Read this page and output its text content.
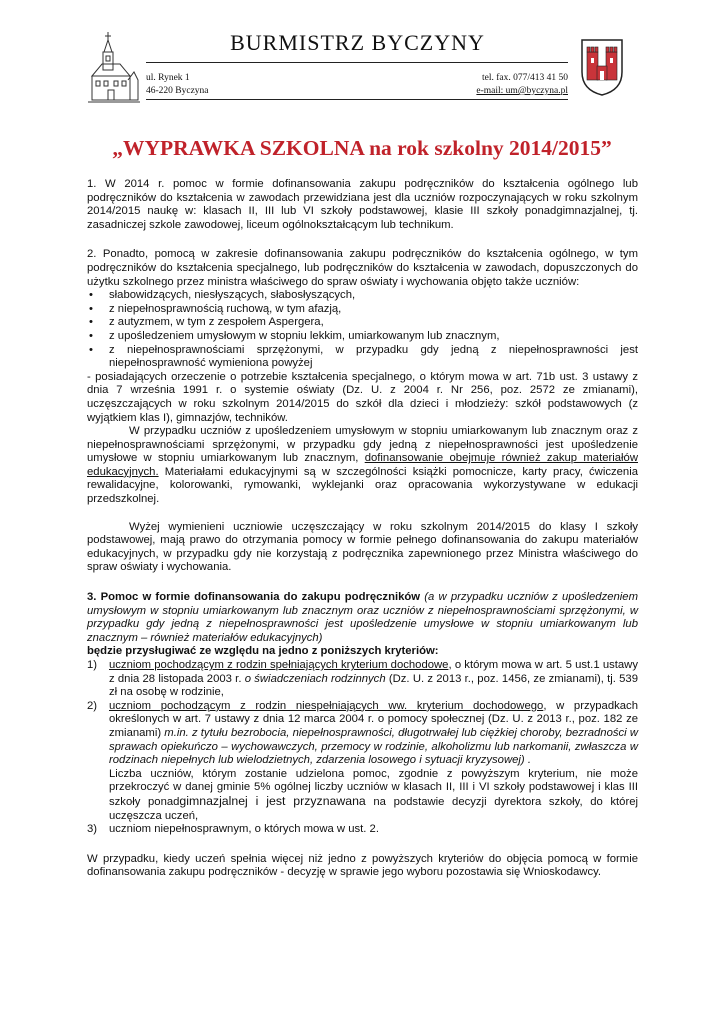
BURMISTRZ BYCZYNY
ul. Rynek 1
46-220 Byczyna
tel. fax. 077/413 41 50
e-mail: um@byczyna.pl
„WYPRAWKA SZKOLNA na rok szkolny 2014/2015”

1. W 2014 r. pomoc w formie dofinansowania zakupu podręczników do kształcenia ogólnego lub podręczników do kształcenia w zawodach przewidziana jest dla uczniów rozpoczynających w roku szkolnym 2014/2015 naukę w: klasach II, III lub VI szkoły podstawowej, klasie III szkoły ponadgimnazjalnej, tj. zasadniczej szkole zawodowej, liceum ogólnokształcącym lub technikum.

2. Ponadto, pomocą w zakresie dofinansowania zakupu podręczników do kształcenia ogólnego, w tym podręczników do kształcenia specjalnego, lub podręczników do kształcenia w zawodach, dopuszczonych do użytku szkolnego przez ministra właściwego do spraw oświaty i wychowania objęto także uczniów:

• słabowidzących, niesłyszących, słabosłyszących,
• z niepełnosprawnością ruchową, w tym afazją,
• z autyzmem, w tym z zespołem Aspergera,
• z upośledzeniem umysłowym w stopniu lekkim, umiarkowanym lub znacznym,
• z niepełnosprawnościami sprzężonymi, w przypadku gdy jedną z niepełnosprawności jest niepełnosprawność wymieniona powyżej

- posiadających orzeczenie o potrzebie kształcenia specjalnego, o którym mowa w art. 71b ust. 3 ustawy z dnia 7 września 1991 r. o systemie oświaty (Dz. U. z 2004 r. Nr 256, poz. 2572 ze zmianami), uczęszczających w roku szkolnym 2014/2015 do szkół dla dzieci i młodzieży: szkół podstawowych (z wyjątkiem klas I), gimnazjów, techników.

W przypadku uczniów z upośledzeniem umysłowym w stopniu umiarkowanym lub znacznym oraz z niepełnosprawnościami sprzężonymi, w przypadku gdy jedną z niepełnosprawności jest upośledzenie umysłowe w stopniu umiarkowanym lub znacznym, dofinansowanie obejmuje również zakup materiałów edukacyjnych. Materiałami edukacyjnymi są w szczególności książki pomocnicze, karty pracy, ćwiczenia rewalidacyjne, kolorowanki, rymowanki, wyklejanki oraz opracowania wykorzystywane w edukacji przedszkolnej.

Wyżej wymienieni uczniowie uczęszczający w roku szkolnym 2014/2015 do klasy I szkoły podstawowej, mają prawo do otrzymania pomocy w formie pełnego dofinansowania do zakupu materiałów edukacyjnych, w przypadku gdy nie korzystają z podręcznika zapewnionego przez Ministra właściwego do spraw oświaty i wychowania.

3. Pomoc w formie dofinansowania do zakupu podręczników (a w przypadku uczniów z upośledzeniem umysłowym w stopniu umiarkowanym lub znacznym oraz uczniów z niepełnosprawnościami sprzężonymi, w przypadku gdy jedną z niepełnosprawności jest upośledzenie umysłowe w stopniu umiarkowanym lub znacznym – również materiałów edukacyjnych)

będzie przysługiwać ze względu na jedno z poniższych kryteriów:

1) uczniom pochodzącym z rodzin spełniających kryterium dochodowe, o którym mowa w art. 5 ust.1 ustawy z dnia 28 listopada 2003 r. o świadczeniach rodzinnych (Dz. U. z 2013 r., poz. 1456, ze zmianami), tj. 539 zł na osobę w rodzinie,
2) uczniom pochodzącym z rodzin niespełniających ww. kryterium dochodowego, w przypadkach określonych w art. 7 ustawy z dnia 12 marca 2004 r. o pomocy społecznej (Dz. U. z 2013 r., poz. 182 ze zmianami) m.in. z tytułu bezrobocia, niepełnosprawności, długotrwałej lub ciężkiej choroby, bezradności w sprawach opiekuńczo – wychowawczych, przemocy w rodzinie, alkoholizmu lub narkomanii, zwłaszcza w rodzinach niepełnych lub wielodzietnych, zdarzenia losowego i sytuacji kryzysowej) .

Liczba uczniów, którym zostanie udzielona pomoc, zgodnie z powyższym kryterium, nie może przekroczyć w danej gminie 5% ogólnej liczby uczniów w klasach II, III i VI szkoły podstawowej i klas III szkoły ponadgimnazjalnej i jest przyznawana na podstawie decyzji dyrektora szkoły, do której uczęszcza uczeń,

3) uczniom niepełnosprawnym, o których mowa w ust. 2.

W przypadku, kiedy uczeń spełnia więcej niż jedno z powyższych kryteriów do objęcia pomocą w formie dofinansowania zakupu podręczników - decyzję w sprawie jego wyboru pozostawia się Wnioskodawcy.
